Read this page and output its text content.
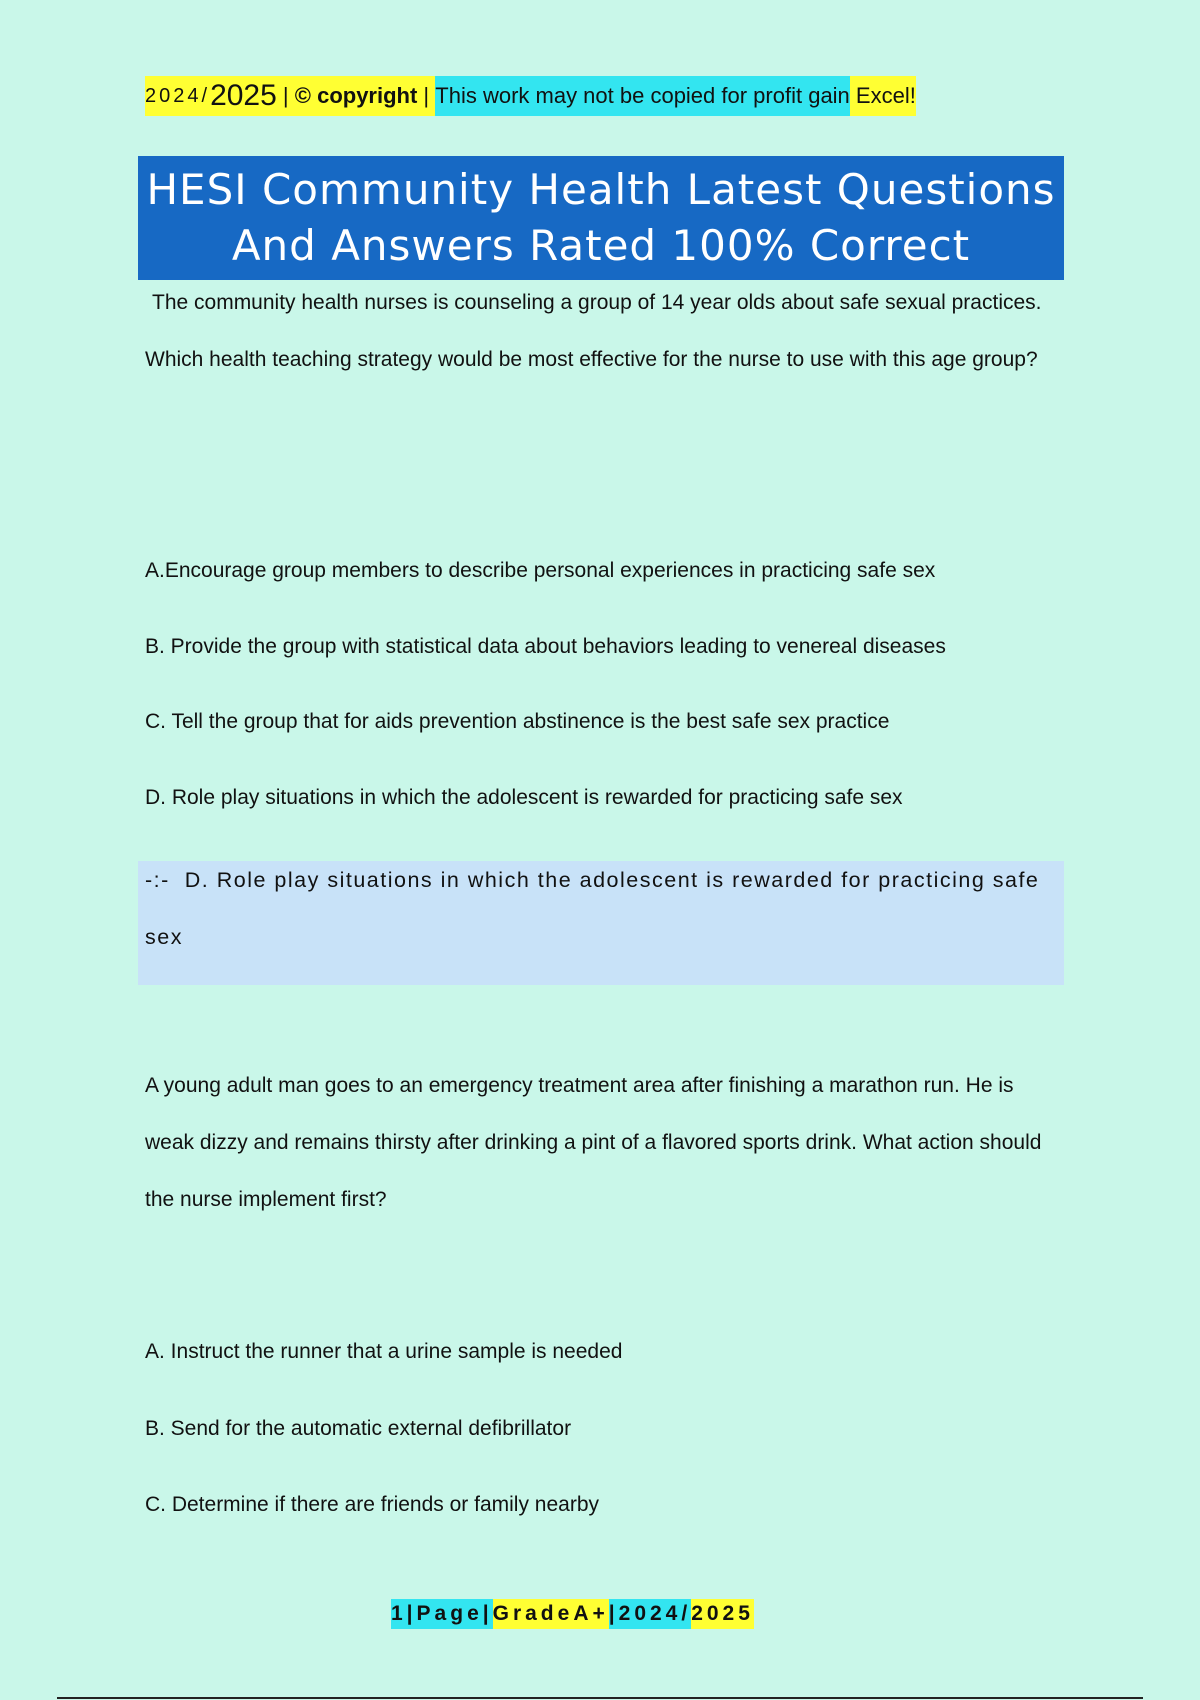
2024/ 2025 | © copyright | This work may not be copied for profit gain Excel!
HESI Community Health Latest Questions
And Answers Rated 100% Correct
The community health nurses is counseling a group of 14 year olds about safe sexual practices. Which health teaching strategy would be most effective for the nurse to use with this age group?
A.Encourage group members to describe personal experiences in practicing safe sex
B. Provide the group with statistical data about behaviors leading to venereal diseases
C. Tell the group that for aids prevention abstinence is the best safe sex practice
D. Role play situations in which the adolescent is rewarded for practicing safe sex
-:-  D. Role play situations in which the adolescent is rewarded for practicing safe sex
A young adult man goes to an emergency treatment area after finishing a marathon run. He is weak dizzy and remains thirsty after drinking a pint of a flavored sports drink. What action should the nurse implement first?
A. Instruct the runner that a urine sample is needed
B. Send for the automatic external defibrillator
C. Determine if there are friends or family nearby
1|Page| GradeA+ | 2024/ 2025
